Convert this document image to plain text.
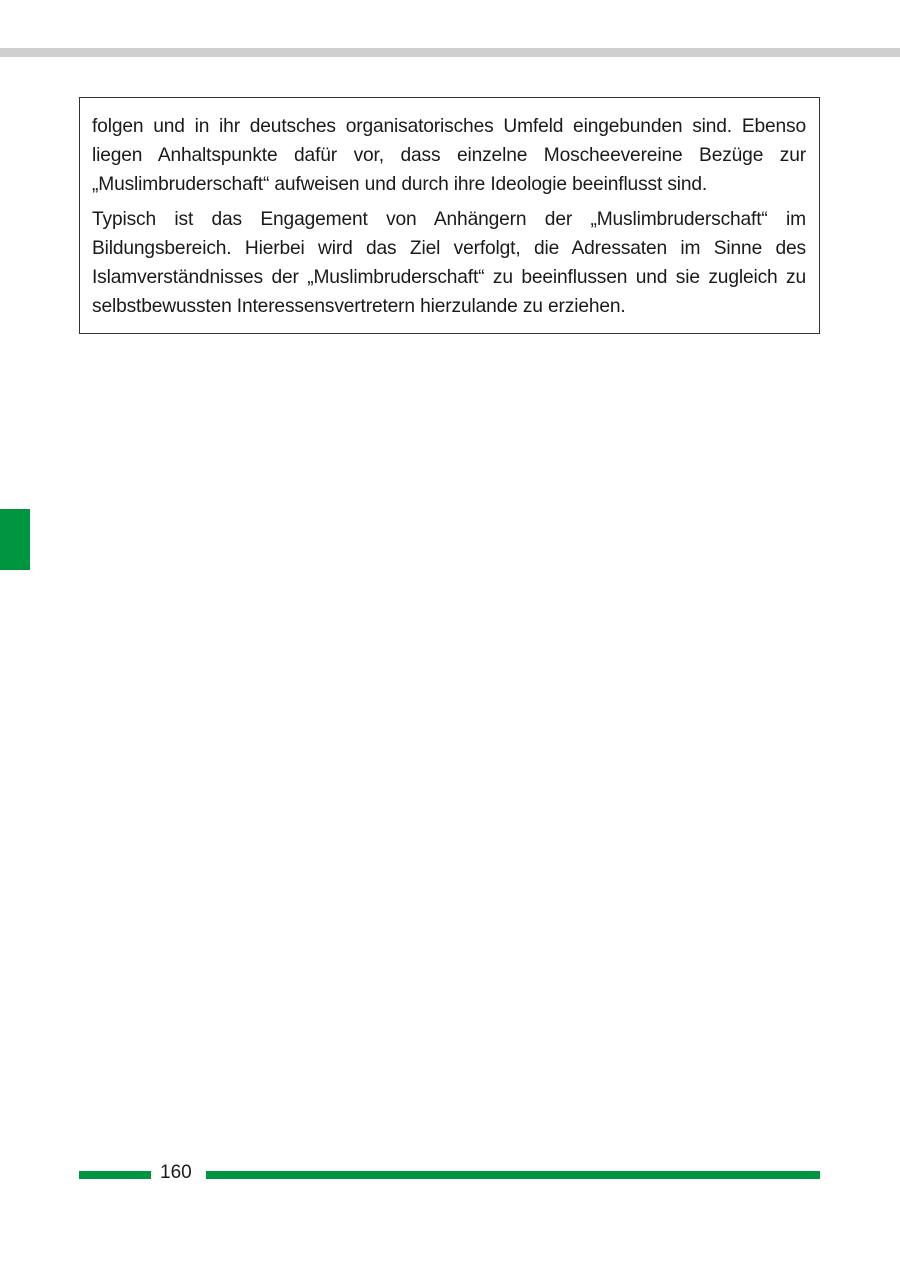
folgen und in ihr deutsches organisatorisches Umfeld eingebunden sind. Ebenso liegen Anhaltspunkte dafür vor, dass einzelne Moscheevereine Bezüge zur „Muslimbruderschaft“ aufweisen und durch ihre Ideologie beeinflusst sind.

Typisch ist das Engagement von Anhängern der „Muslimbruderschaft“ im Bildungsbereich. Hierbei wird das Ziel verfolgt, die Adressaten im Sinne des Islamverständnisses der „Muslimbruderschaft“ zu beeinflussen und sie zugleich zu selbstbewussten Interessensvertretern hierzulande zu erziehen.

160
